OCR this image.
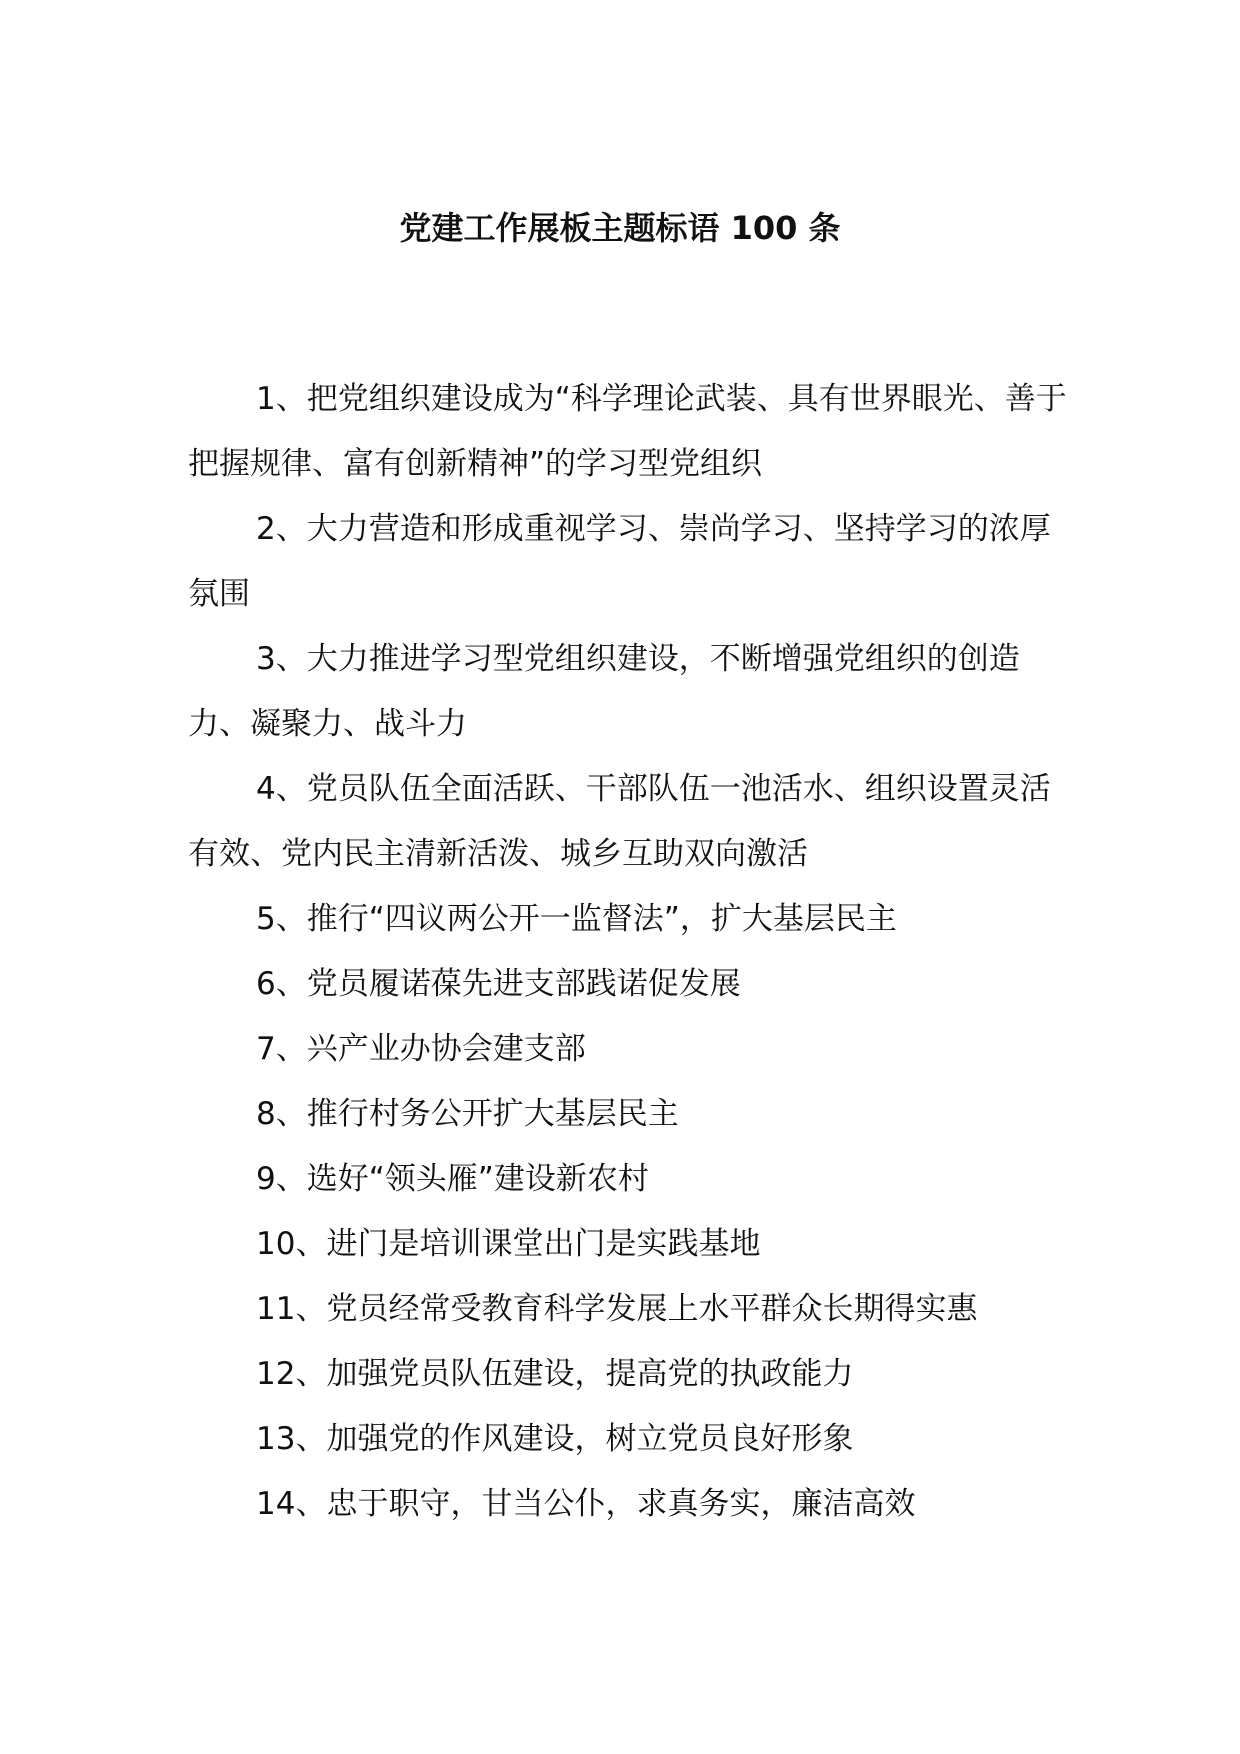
党建工作展板主题标语 100 条

1、把党组织建设成为“科学理论武装、具有世界眼光、善于把握规律、富有创新精神”的学习型党组织

2、大力营造和形成重视学习、崇尚学习、坚持学习的浓厚氛围

3、大力推进学习型党组织建设，不断增强党组织的创造力、凝聚力、战斗力

4、党员队伍全面活跃、干部队伍一池活水、组织设置灵活有效、党内民主清新活泼、城乡互助双向激活

5、推行“四议两公开一监督法”，扩大基层民主

6、党员履诺葆先进支部践诺促发展

7、兴产业办协会建支部

8、推行村务公开扩大基层民主

9、选好“领头雁”建设新农村

10、进门是培训课堂出门是实践基地

11、党员经常受教育科学发展上水平群众长期得实惠

12、加强党员队伍建设，提高党的执政能力

13、加强党的作风建设，树立党员良好形象

14、忠于职守，甘当公仆，求真务实，廉洁高效
